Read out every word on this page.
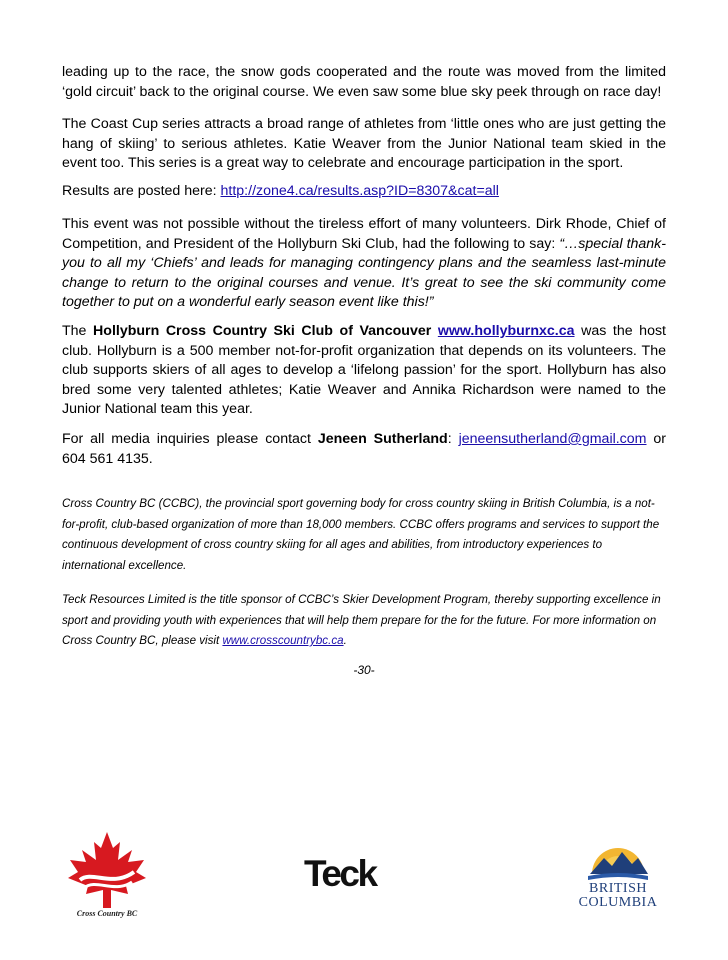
leading up to the race, the snow gods cooperated and the route was moved from the limited ‘gold circuit’ back to the original course. We even saw some blue sky peek through on race day!

The Coast Cup series attracts a broad range of athletes from ‘little ones who are just getting the hang of skiing’ to serious athletes. Katie Weaver from the Junior National team skied in the event too. This series is a great way to celebrate and encourage participation in the sport.

Results are posted here: http://zone4.ca/results.asp?ID=8307&cat=all

This event was not possible without the tireless effort of many volunteers. Dirk Rhode, Chief of Competition, and President of the Hollyburn Ski Club, had the following to say: “…special thank-you to all my ‘Chiefs’ and leads for managing contingency plans and the seamless last-minute change to return to the original courses and venue. It’s great to see the ski community come together to put on a wonderful early season event like this!”

The Hollyburn Cross Country Ski Club of Vancouver www.hollyburnxc.ca was the host club. Hollyburn is a 500 member not-for-profit organization that depends on its volunteers. The club supports skiers of all ages to develop a ‘lifelong passion’ for the sport. Hollyburn has also bred some very talented athletes; Katie Weaver and Annika Richardson were named to the Junior National team this year.

For all media inquiries please contact Jeneen Sutherland: jeneensutherland@gmail.com or 604 561 4135.

Cross Country BC (CCBC), the provincial sport governing body for cross country skiing in British Columbia, is a not-for-profit, club-based organization of more than 18,000 members. CCBC offers programs and services to support the continuous development of cross country skiing for all ages and abilities, from introductory experiences to international excellence.

Teck Resources Limited is the title sponsor of CCBC’s Skier Development Program, thereby supporting excellence in sport and providing youth with experiences that will help them prepare for the for the future. For more information on Cross Country BC, please visit www.crosscountrybc.ca.

-30-
Cross Country BC
Teck	BRITISH
COLUMBIA
